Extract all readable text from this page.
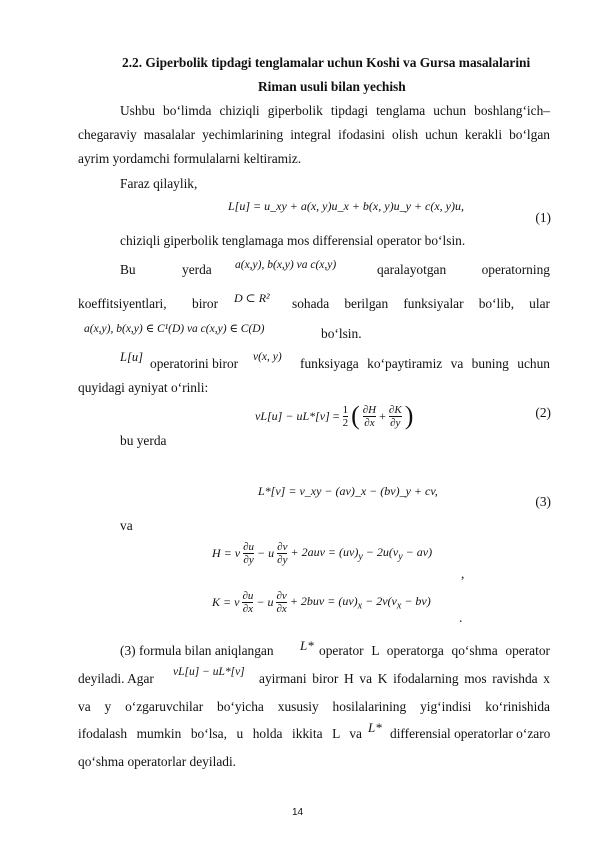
2.2. Giperbolik tipdagi tenglamalar uchun Koshi va Gursa masalalarini
Riman usuli bilan yechish
Ushbu bo‘limda chiziqli giperbolik tipdagi tenglama uchun boshlang‘ich–
chegaraviy masalalar yechimlarining integral ifodasini olish uchun kerakli bo‘lgan
ayrim yordamchi formulalarni keltiramiz.
Faraz qilaylik,
L[u] = u_xy + a(x, y)u_x + b(x, y)u_y + c(x, y)u,
(1)
chiziqli giperbolik tenglamaga mos differensial operator bo‘lsin.
Bu	yerda a(x,y), b(x,y) va c(x,y)	qaralayotgan operatorning
koeffitsiyentlari, biror D ⊂ R² sohada berilgan funksiyalar bo‘lib, ular
a(x,y), b(x,y) ∈ C¹(D) va c(x,y) ∈ C(D)	bo‘lsin.
L[u] operatorini biror v(x, y) funksiyaga ko‘paytiramiz va buning uchun
quyidagi ayniyat o‘rinli:
$vL[u] - uL*[v] = \frac{1}{2}$ ( $\frac{\partial H}{\partial x} + \frac{\partial K}{\partial y}$ )	(2)
bu yerda
L*[v] = v_xy − (av)_x − (bv)_y + cv,
(3)
va
H = v $\frac{\partial u}{\partial y} - u \frac{\partial v}{\partial y} + 2auv = (uv)_y - 2u(v_y - av)$
,
K = v $\frac{\partial u}{\partial x} - u \frac{\partial v}{\partial x} + 2buv = (uv)_x - 2v(v_x - bv)$
.
(3) formula bilan aniqlangan L* operator L operatorga qo‘shma operator
deyiladi. Agar vL[u] − uL*[v] ayirmani biror H va K ifodalarning mos ravishda x
va y o‘zgaruvchilar bo‘yicha xususiy hosilalarining yig‘indisi ko‘rinishida
ifodalash mumkin bo‘lsa, u holda ikkita L va L* differensial operatorlar o‘zaro
qo‘shma operatorlar deyiladi.
14
